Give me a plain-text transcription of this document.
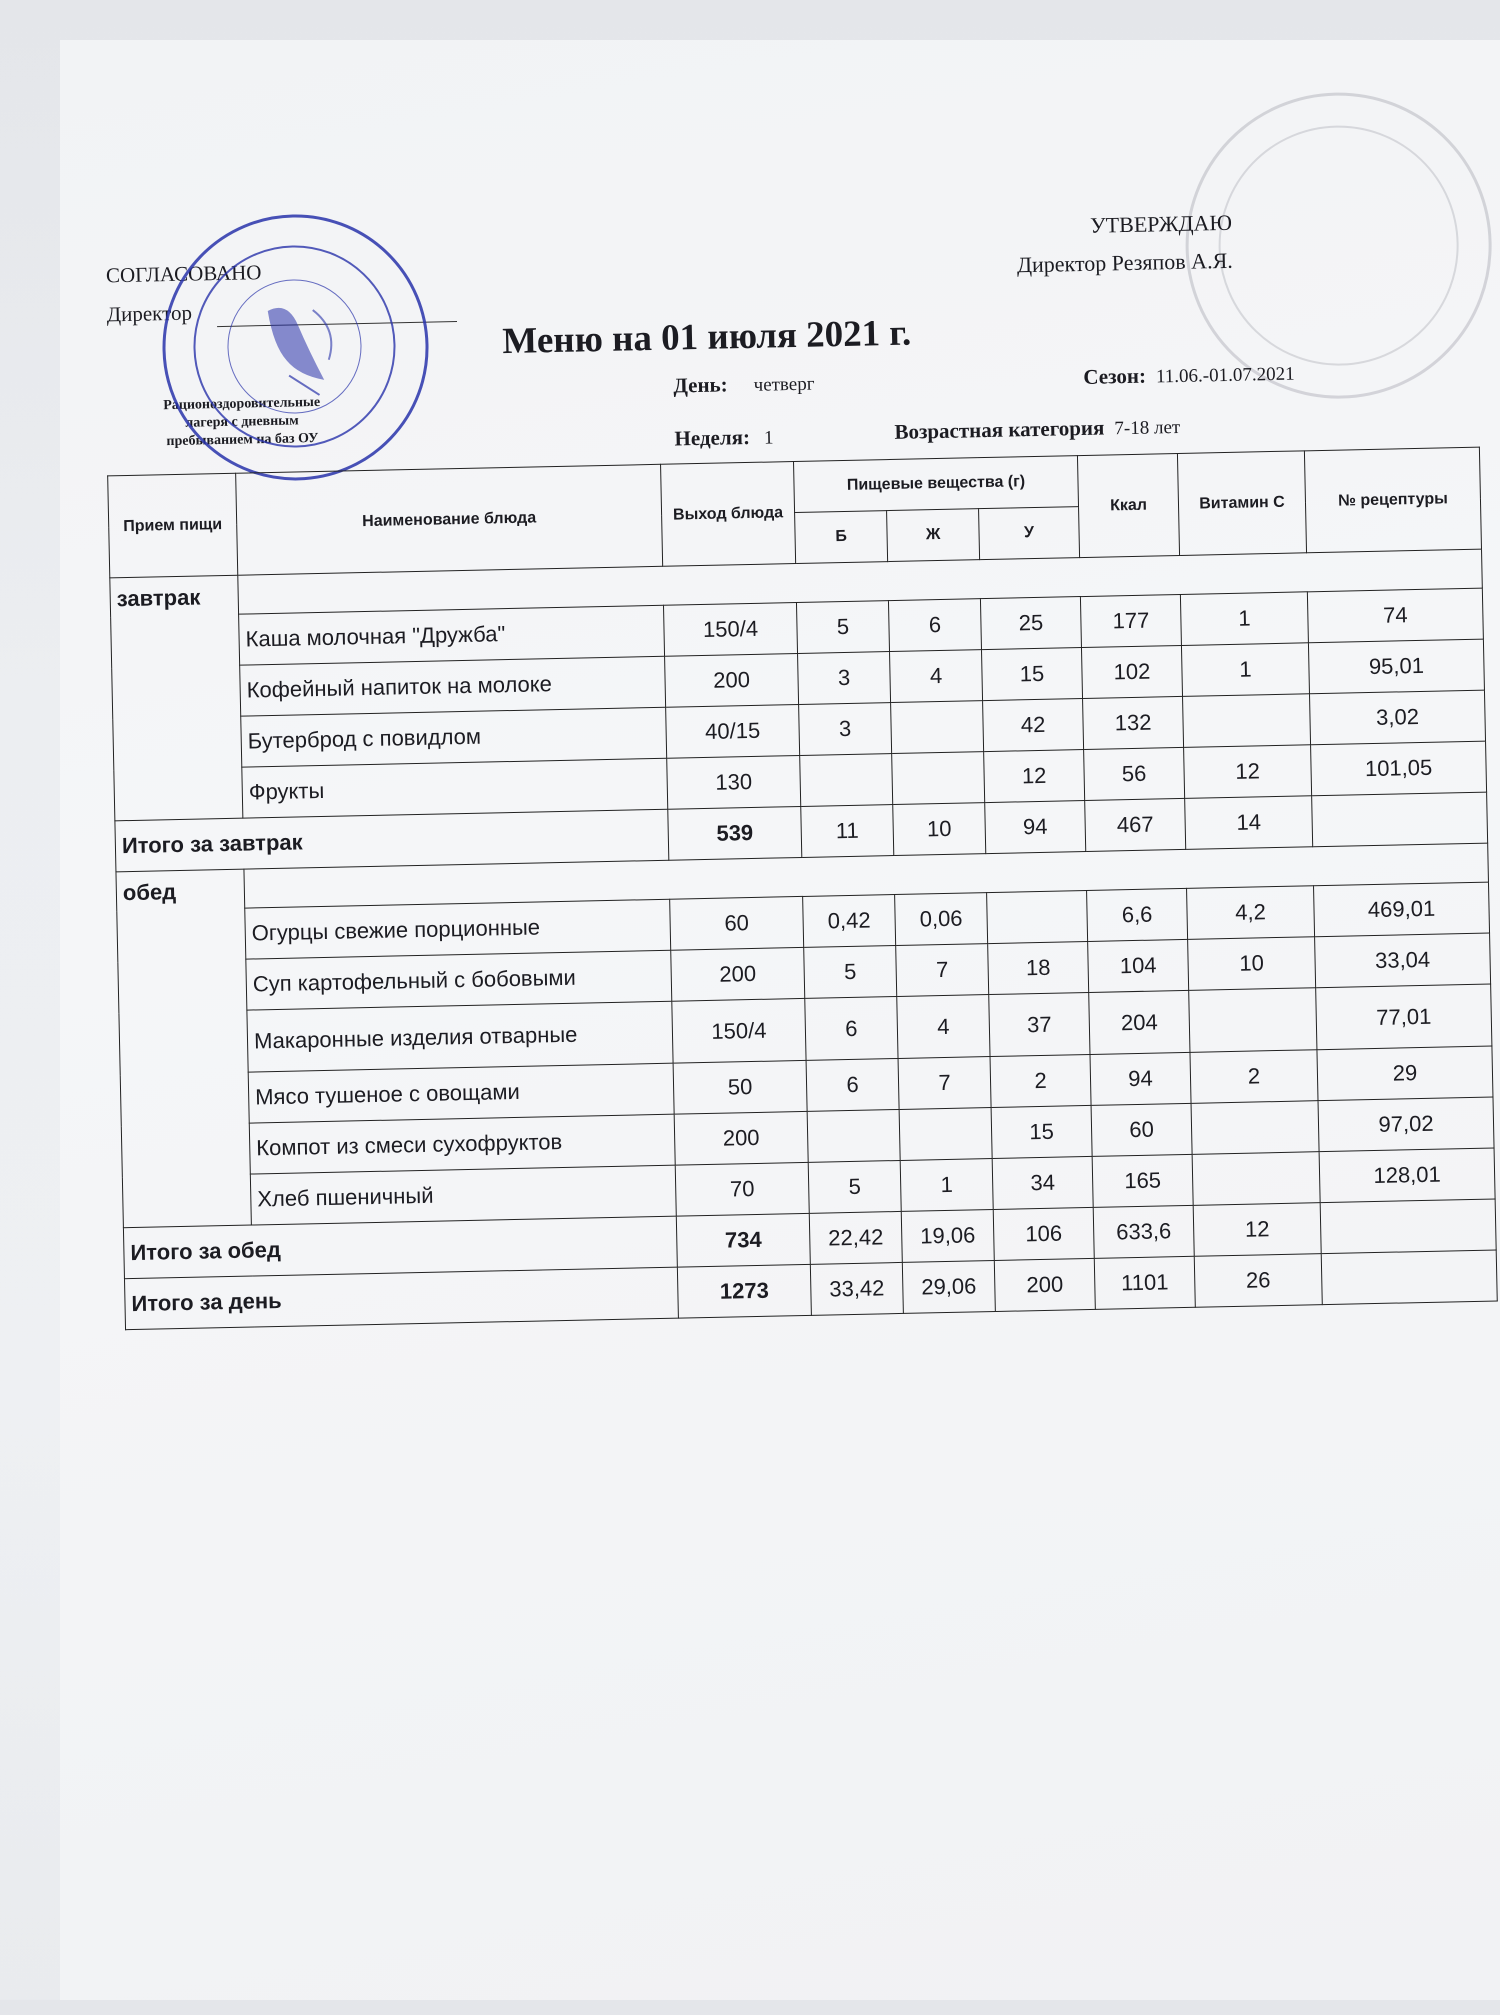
СОГЛАСОВАНО
Директор
Рационоздоровительные
лагеря с дневным
пребыванием на баз ОУ
УТВЕРЖДАЮ
Директор Резяпов А.Я.
Меню на 01 июля 2021 г.
День: четверг	Сезон: 11.06.-01.07.2021
Неделя: 1	Возрастная категория 7-18 лет
Прием пищи	Наименование блюда	Выход блюда	Пищевые вещества (г)			Ккал	Витамин С	№ рецептуры
			Б	Ж	У			
завтрак								
	Каша молочная "Дружба"	150/4	5	6	25	177	1	74
	Кофейный напиток на молоке	200	3	4	15	102	1	95,01
	Бутерброд с повидлом	40/15	3		42	132		3,02
	Фрукты	130			12	56	12	101,05
Итого за завтрак		539	11	10	94	467	14	
обед								
	Огурцы свежие порционные	60	0,42	0,06		6,6	4,2	469,01
	Суп картофельный с бобовыми	200	5	7	18	104	10	33,04
	Макаронные изделия отварные	150/4	6	4	37	204		77,01
	Мясо тушеное с овощами	50	6	7	2	94	2	29
	Компот из смеси сухофруктов	200			15	60		97,02
	Хлеб пшеничный	70	5	1	34	165		128,01
Итого за обед		734	22,42	19,06	106	633,6	12	
Итого за день		1273	33,42	29,06	200	1101	26	
